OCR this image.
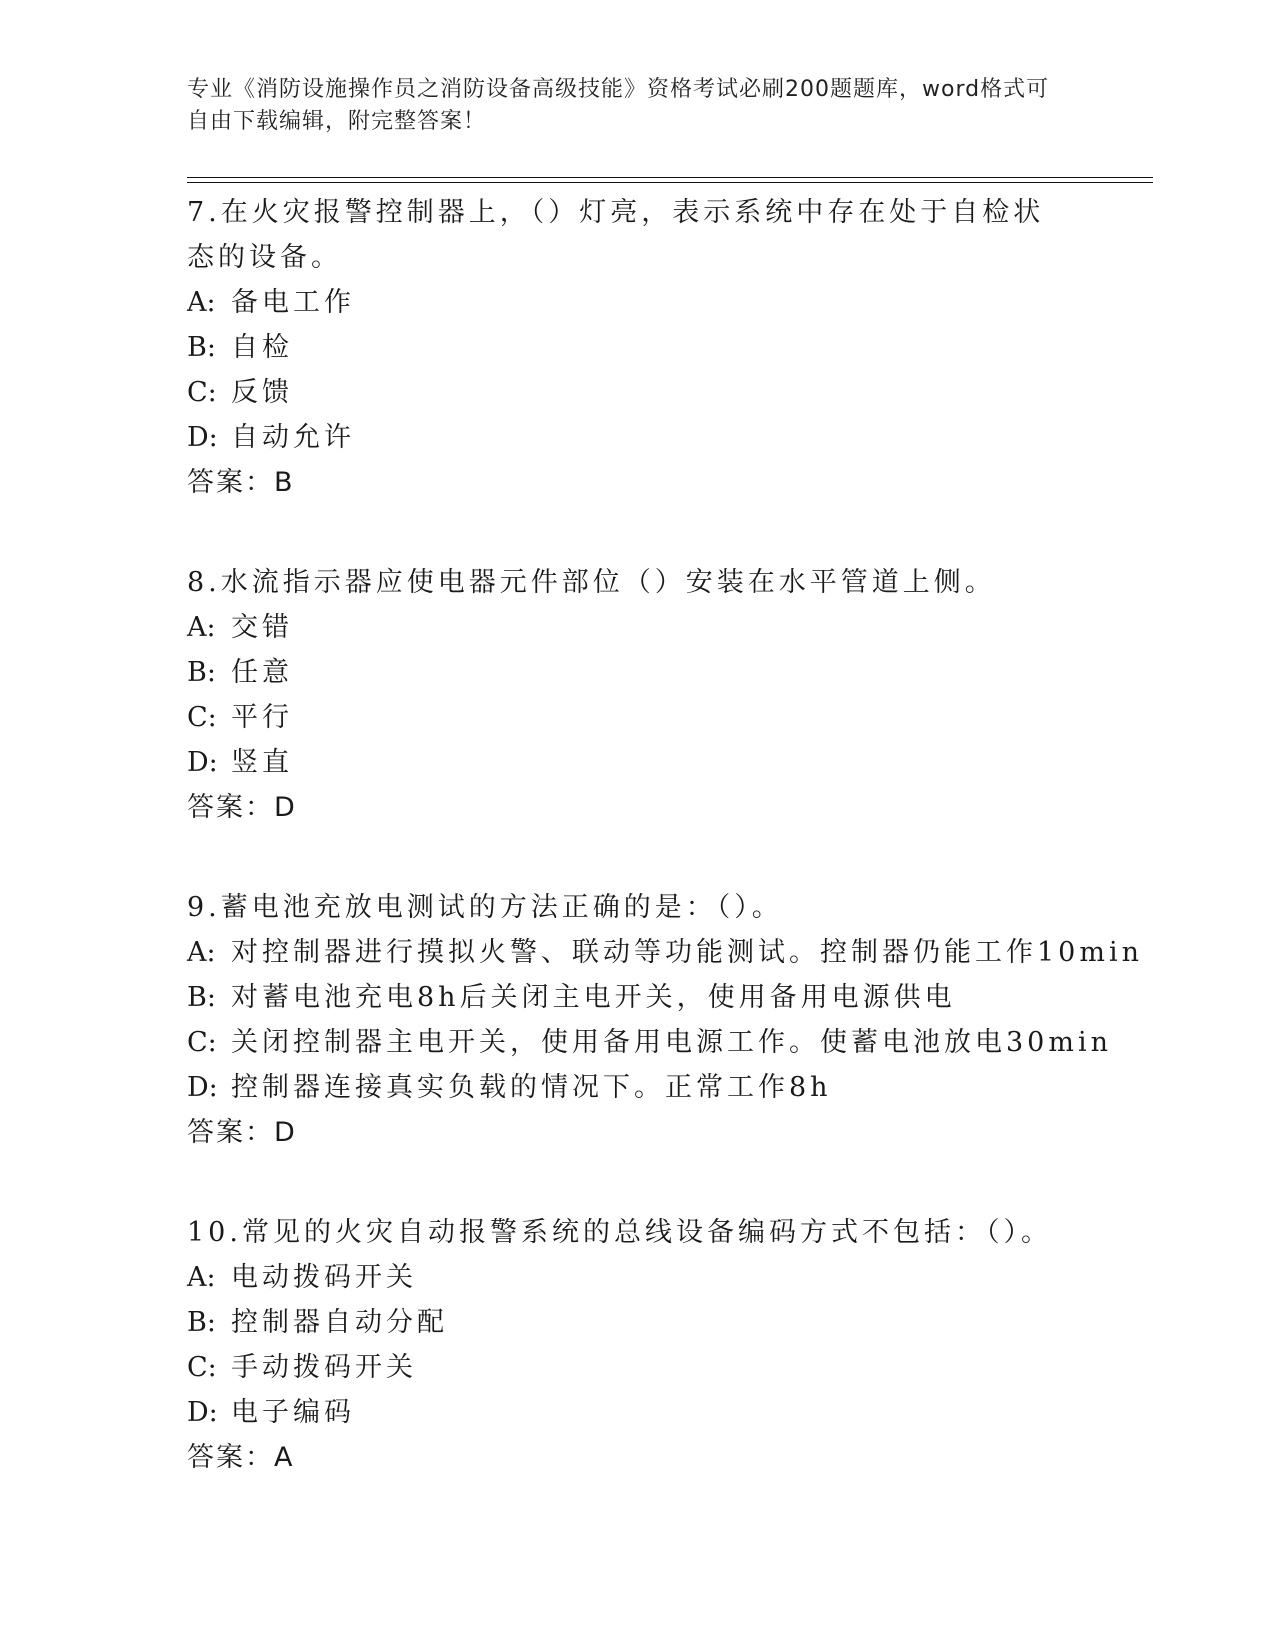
专业《消防设施操作员之消防设备高级技能》资格考试必刷200题题库，word格式可自由下载编辑，附完整答案！

7.在火灾报警控制器上，（）灯亮，表示系统中存在处于自检状态的设备。

A: 备电工作

B: 自检

C: 反馈

D: 自动允许

答案：B

8.水流指示器应使电器元件部位（）安装在水平管道上侧。

A: 交错

B: 任意

C: 平行

D: 竖直

答案：D

9.蓄电池充放电测试的方法正确的是：（）。

A: 对控制器进行摸拟火警、联动等功能测试。控制器仍能工作10min

B: 对蓄电池充电8h后关闭主电开关，使用备用电源供电

C: 关闭控制器主电开关，使用备用电源工作。使蓄电池放电30min

D: 控制器连接真实负载的情况下。正常工作8h

答案：D

10.常见的火灾自动报警系统的总线设备编码方式不包括：（）。

A: 电动拨码开关

B: 控制器自动分配

C: 手动拨码开关

D: 电子编码

答案：A
